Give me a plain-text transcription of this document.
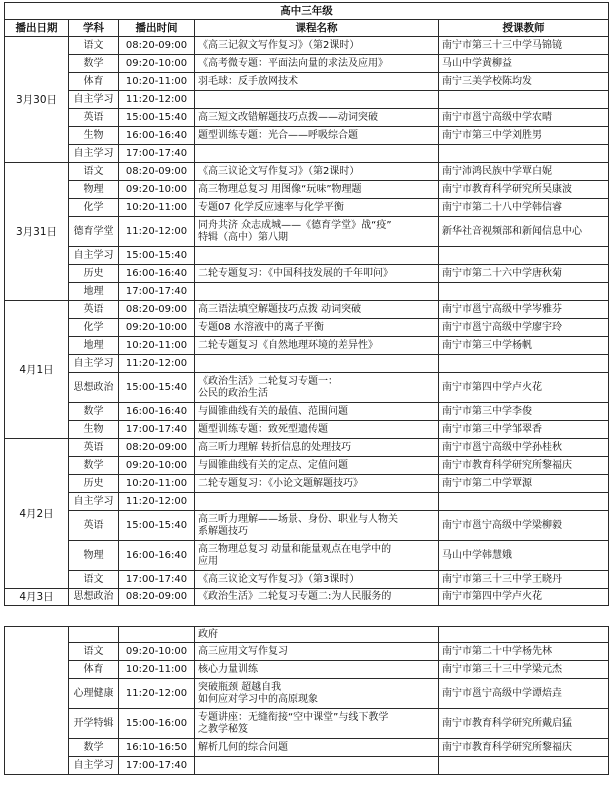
高中三年级				
播出日期	学科	播出时间	课程名称	授课教师
3月30日	语文	08:20-09:00	《高三记叙文写作复习》（第2课时）	南宁市第三十三中学马锦镜
	数学	09:20-10:00	《高考微专题：平面法向量的求法及应用》	马山中学黄柳益
	体育	10:20-11:00	羽毛球：反手放网技术	南宁三美学校陈均发
	自主学习	11:20-12:00		
	英语	15:00-15:40	高三短文改错解题技巧点拨——动词突破	南宁市邕宁高级中学农晴
	生物	16:00-16:40	题型训练专题：光合——呼吸综合题	南宁市第三中学刘胜男
	自主学习	17:00-17:40		
3月31日	语文	08:20-09:00	《高三议论文写作复习》（第2课时）	南宁沛鸿民族中学覃白妮
	物理	09:20-10:00	高三物理总复习 用图像“玩味”物理题	南宁市教育科学研究所吴康波
	化学	10:20-11:00	专题07 化学反应速率与化学平衡	南宁市第二十八中学韩信睿
	德育学堂	11:20-12:00	同舟共济 众志成城——《德育学堂》战“疫”
特辑（高中）第八期	新华社音视频部和新闻信息中心
	自主学习	15:00-15:40		
	历史	16:00-16:40	二轮专题复习：《中国科技发展的千年叩问》	南宁市第二十六中学唐秋菊
	地理	17:00-17:40		
4月1日	英语	08:20-09:00	高三语法填空解题技巧点拨 动词突破	南宁市邕宁高级中学岑雅芬
	化学	09:20-10:00	专题08 水溶液中的离子平衡	南宁市邕宁高级中学廖宇玲
	地理	10:20-11:00	二轮专题复习《自然地理环境的差异性》	南宁市第三中学杨帆
	自主学习	11:20-12:00		
	思想政治	15:00-15:40	《政治生活》二轮复习专题一：
公民的政治生活	南宁市第四中学卢火花
	数学	16:00-16:40	与圆锥曲线有关的最值、范围问题	南宁市第三中学李俊
	生物	17:00-17:40	题型训练专题：致死型遗传题	南宁市第三中学邹翠香
4月2日	英语	08:20-09:00	高三听力理解 转折信息的处理技巧	南宁市邕宁高级中学孙桂秋
	数学	09:20-10:00	与圆锥曲线有关的定点、定值问题	南宁市教育科学研究所黎福庆
	历史	10:20-11:00	二轮专题复习：《小论文题解题技巧》	南宁市第二中学覃源
	自主学习	11:20-12:00		
	英语	15:00-15:40	高三听力理解——场景、身份、职业与人物关
系解题技巧	南宁市邕宁高级中学梁柳毅
	物理	16:00-16:40	高三物理总复习 动量和能量观点在电学中的
应用	马山中学韩慧娥
	语文	17:00-17:40	《高三议论文写作复习》（第3课时）	南宁市第三十三中学王晓丹
4月3日	思想政治	08:20-09:00	《政治生活》二轮复习专题二:为人民服务的	南宁市第四中学卢火花
			政府	
	语文	09:20-10:00	高三应用文写作复习	南宁市第二十中学杨先林
	体育	10:20-11:00	核心力量训练	南宁市第三十三中学梁元杰
	心理健康	11:20-12:00	突破瓶颈 超越自我
如何应对学习中的高原现象	南宁市邕宁高级中学谭焙垚
	开学特辑	15:00-16:00	专题讲座：无缝衔接“空中课堂”与线下教学
之教学秘笈	南宁市教育科学研究所戴启猛
	数学	16:10-16:50	解析几何的综合问题	南宁市教育科学研究所黎福庆
	自主学习	17:00-17:40		
